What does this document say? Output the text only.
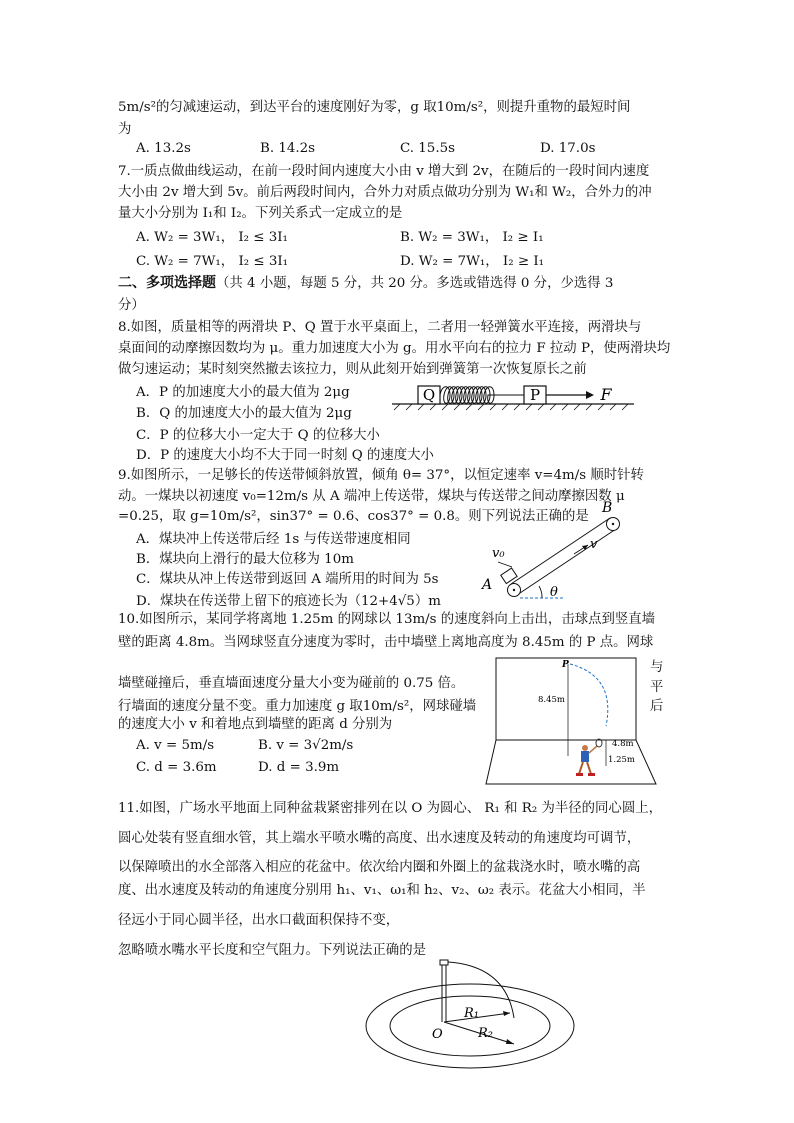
5m/s²的匀减速运动，到达平台的速度刚好为零，g 取10m/s²，则提升重物的最短时间
为
A. 13.2s	B. 14.2s	C. 15.5s	D. 17.0s
7.一质点做曲线运动，在前一段时间内速度大小由 v 增大到 2v，在随后的一段时间内速度
大小由 2v 增大到 5v。前后两段时间内，合外力对质点做功分别为 W₁和 W₂，合外力的冲
量大小分别为 I₁和 I₂。下列关系式一定成立的是
A. W₂ = 3W₁， I₂ ≤ 3I₁	B. W₂ = 3W₁， I₂ ≥ I₁
C. W₂ = 7W₁， I₂ ≤ 3I₁	D. W₂ = 7W₁， I₂ ≥ I₁
二、多项选择题（共 4 小题，每题 5 分，共 20 分。多选或错选得 0 分，少选得 3
分）
8.如图，质量相等的两滑块 P、Q 置于水平桌面上，二者用一轻弹簧水平连接，两滑块与
桌面间的动摩擦因数均为 μ。重力加速度大小为 g。用水平向右的拉力 F 拉动 P，使两滑块均
做匀速运动；某时刻突然撤去该拉力，则从此刻开始到弹簧第一次恢复原长之前
A．P 的加速度大小的最大值为 2μg
B．Q 的加速度大小的最大值为 2μg
C．P 的位移大小一定大于 Q 的位移大小
D．P 的速度大小均不大于同一时刻 Q 的速度大小
Q	P	F
9.如图所示，一足够长的传送带倾斜放置，倾角 θ= 37°，以恒定速率 v=4m/s 顺时针转
动。一煤块以初速度 v₀=12m/s 从 A 端冲上传送带，煤块与传送带之间动摩擦因数 μ
=0.25，取 g=10m/s²，sin37° = 0.6、cos37° = 0.8。则下列说法正确的是
A．煤块冲上传送带后经 1s 与传送带速度相同
B．煤块向上滑行的最大位移为 10m
C．煤块从冲上传送带到返回 A 端所用的时间为 5s
D．煤块在传送带上留下的痕迹长为（12+4√5）m
θ
v₀
v
A
B
10.如图所示，某同学将离地 1.25m 的网球以 13m/s 的速度斜向上击出，击球点到竖直墙
壁的距离 4.8m。当网球竖直分速度为零时，击中墙壁上离地高度为 8.45m 的 P 点。网球
墙壁碰撞后，垂直墙面速度分量大小变为碰前的 0.75 倍。
与
行墙面的速度分量不变。重力加速度 g 取10m/s²，网球碰墙
平
的速度大小 v 和着地点到墙壁的距离 d 分别为
后
A. v = 5m/s	B. v = 3√2m/s
C. d = 3.6m	D. d = 3.9m
P
8.45m
4.8m
1.25m
11.如图，广场水平地面上同种盆栽紧密排列在以 O 为圆心、 R₁ 和 R₂ 为半径的同心圆上，
圆心处装有竖直细水管，其上端水平喷水嘴的高度、出水速度及转动的角速度均可调节，
以保障喷出的水全部落入相应的花盆中。依次给内圈和外圈上的盆栽浇水时，喷水嘴的高
度、出水速度及转动的角速度分别用 h₁、v₁、ω₁和 h₂、v₂、ω₂ 表示。花盆大小相同，半
径远小于同心圆半径，出水口截面积保持不变，
忽略喷水嘴水平长度和空气阻力。下列说法正确的是
R₁
R₂
O
